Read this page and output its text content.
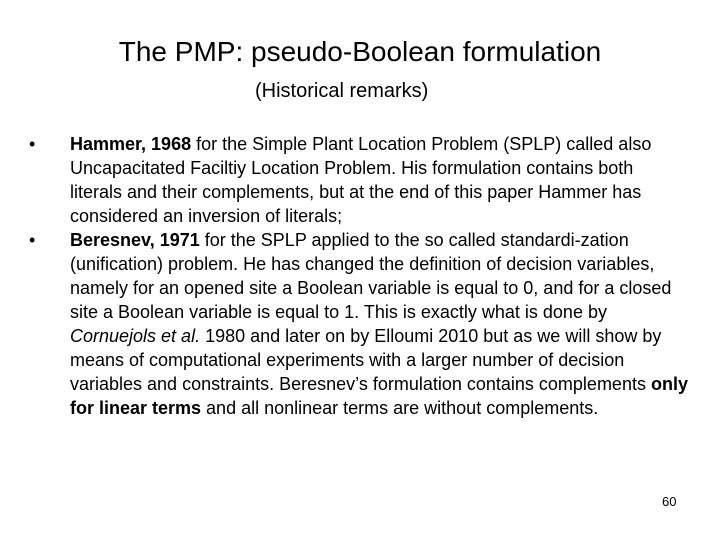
The PMP: pseudo-Boolean formulation
(Historical remarks)
• Hammer, 1968 for the Simple Plant Location Problem (SPLP) called also Uncapacitated Faciltiy Location Problem. His formulation contains both literals and their complements, but at the end of this paper Hammer has considered an inversion of literals;
• Beresnev, 1971 for the SPLP applied to the so called standardi-zation (unification) problem. He has changed the definition of decision variables, namely for an opened site a Boolean variable is equal to 0, and for a closed site a Boolean variable is equal to 1. This is exactly what is done by Cornuejols et al. 1980 and later on by Elloumi 2010 but as we will show by means of computational experiments with a larger number of decision variables and constraints. Beresnev’s formulation contains complements only for linear terms and all nonlinear terms are without complements.
60
